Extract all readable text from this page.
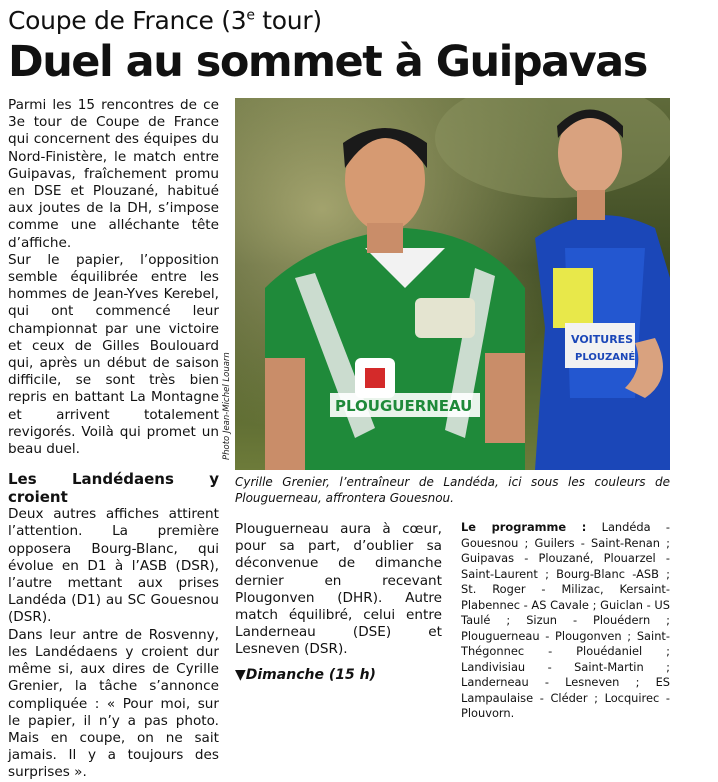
Coupe de France (3e tour)
Duel au sommet à Guipavas

Parmi les 15 rencontres de ce 3e tour de Coupe de France qui concernent des équipes du Nord-Finistère, le match entre Guipavas, fraîchement promu en DSE et Plouzané, habitué aux joutes de la DH, s’impose comme une alléchante tête d’affiche.

Sur le papier, l’opposition semble équilibrée entre les hommes de Jean-Yves Kerebel, qui ont commencé leur championnat par une victoire et ceux de Gilles Boulouard qui, après un début de saison difficile, se sont très bien repris en battant La Montagne et arrivent totalement revigorés. Voilà qui promet un beau duel.

Les Landédaens y croient

Deux autres affiches attirent l’attention. La première opposera Bourg-Blanc, qui évolue en D1 à l’ASB (DSR), l’autre mettant aux prises Landéda (D1) au SC Gouesnou (DSR).

Dans leur antre de Rosvenny, les Landédaens y croient dur même si, aux dires de Cyrille Grenier, la tâche s’annonce compliquée : « Pour moi, sur le papier, il n’y a pas photo. Mais en coupe, on ne sait jamais. Il y a toujours des surprises ».

Photo Jean-Michel Louarn
VOITURES
PLOUZANÉ
PLOUGUERNEAU
Cyrille Grenier, l’entraîneur de Landéda, ici sous les couleurs de Plouguerneau, affrontera Gouesnou.

Plouguerneau aura à cœur, pour sa part, d’oublier sa déconvenue de dimanche dernier en recevant Plougonven (DHR). Autre match équilibré, celui entre Landerneau (DSE) et Lesneven (DSR).

▼Dimanche (15 h)

Le programme : Landéda - Gouesnou ; Guilers - Saint-Renan ; Guipavas - Plouzané, Plouarzel - Saint-Laurent ; Bourg-Blanc -ASB ; St. Roger - Milizac, Kersaint-Plabennec - AS Cavale ; Guiclan - US Taulé ; Sizun - Plouédern ; Plouguerneau - Plougonven ; Saint-Thégonnec - Plouédaniel ; Landivisiau - Saint-Martin ; Landerneau - Lesneven ; ES Lampaulaise - Cléder ; Locquirec - Plouvorn.
